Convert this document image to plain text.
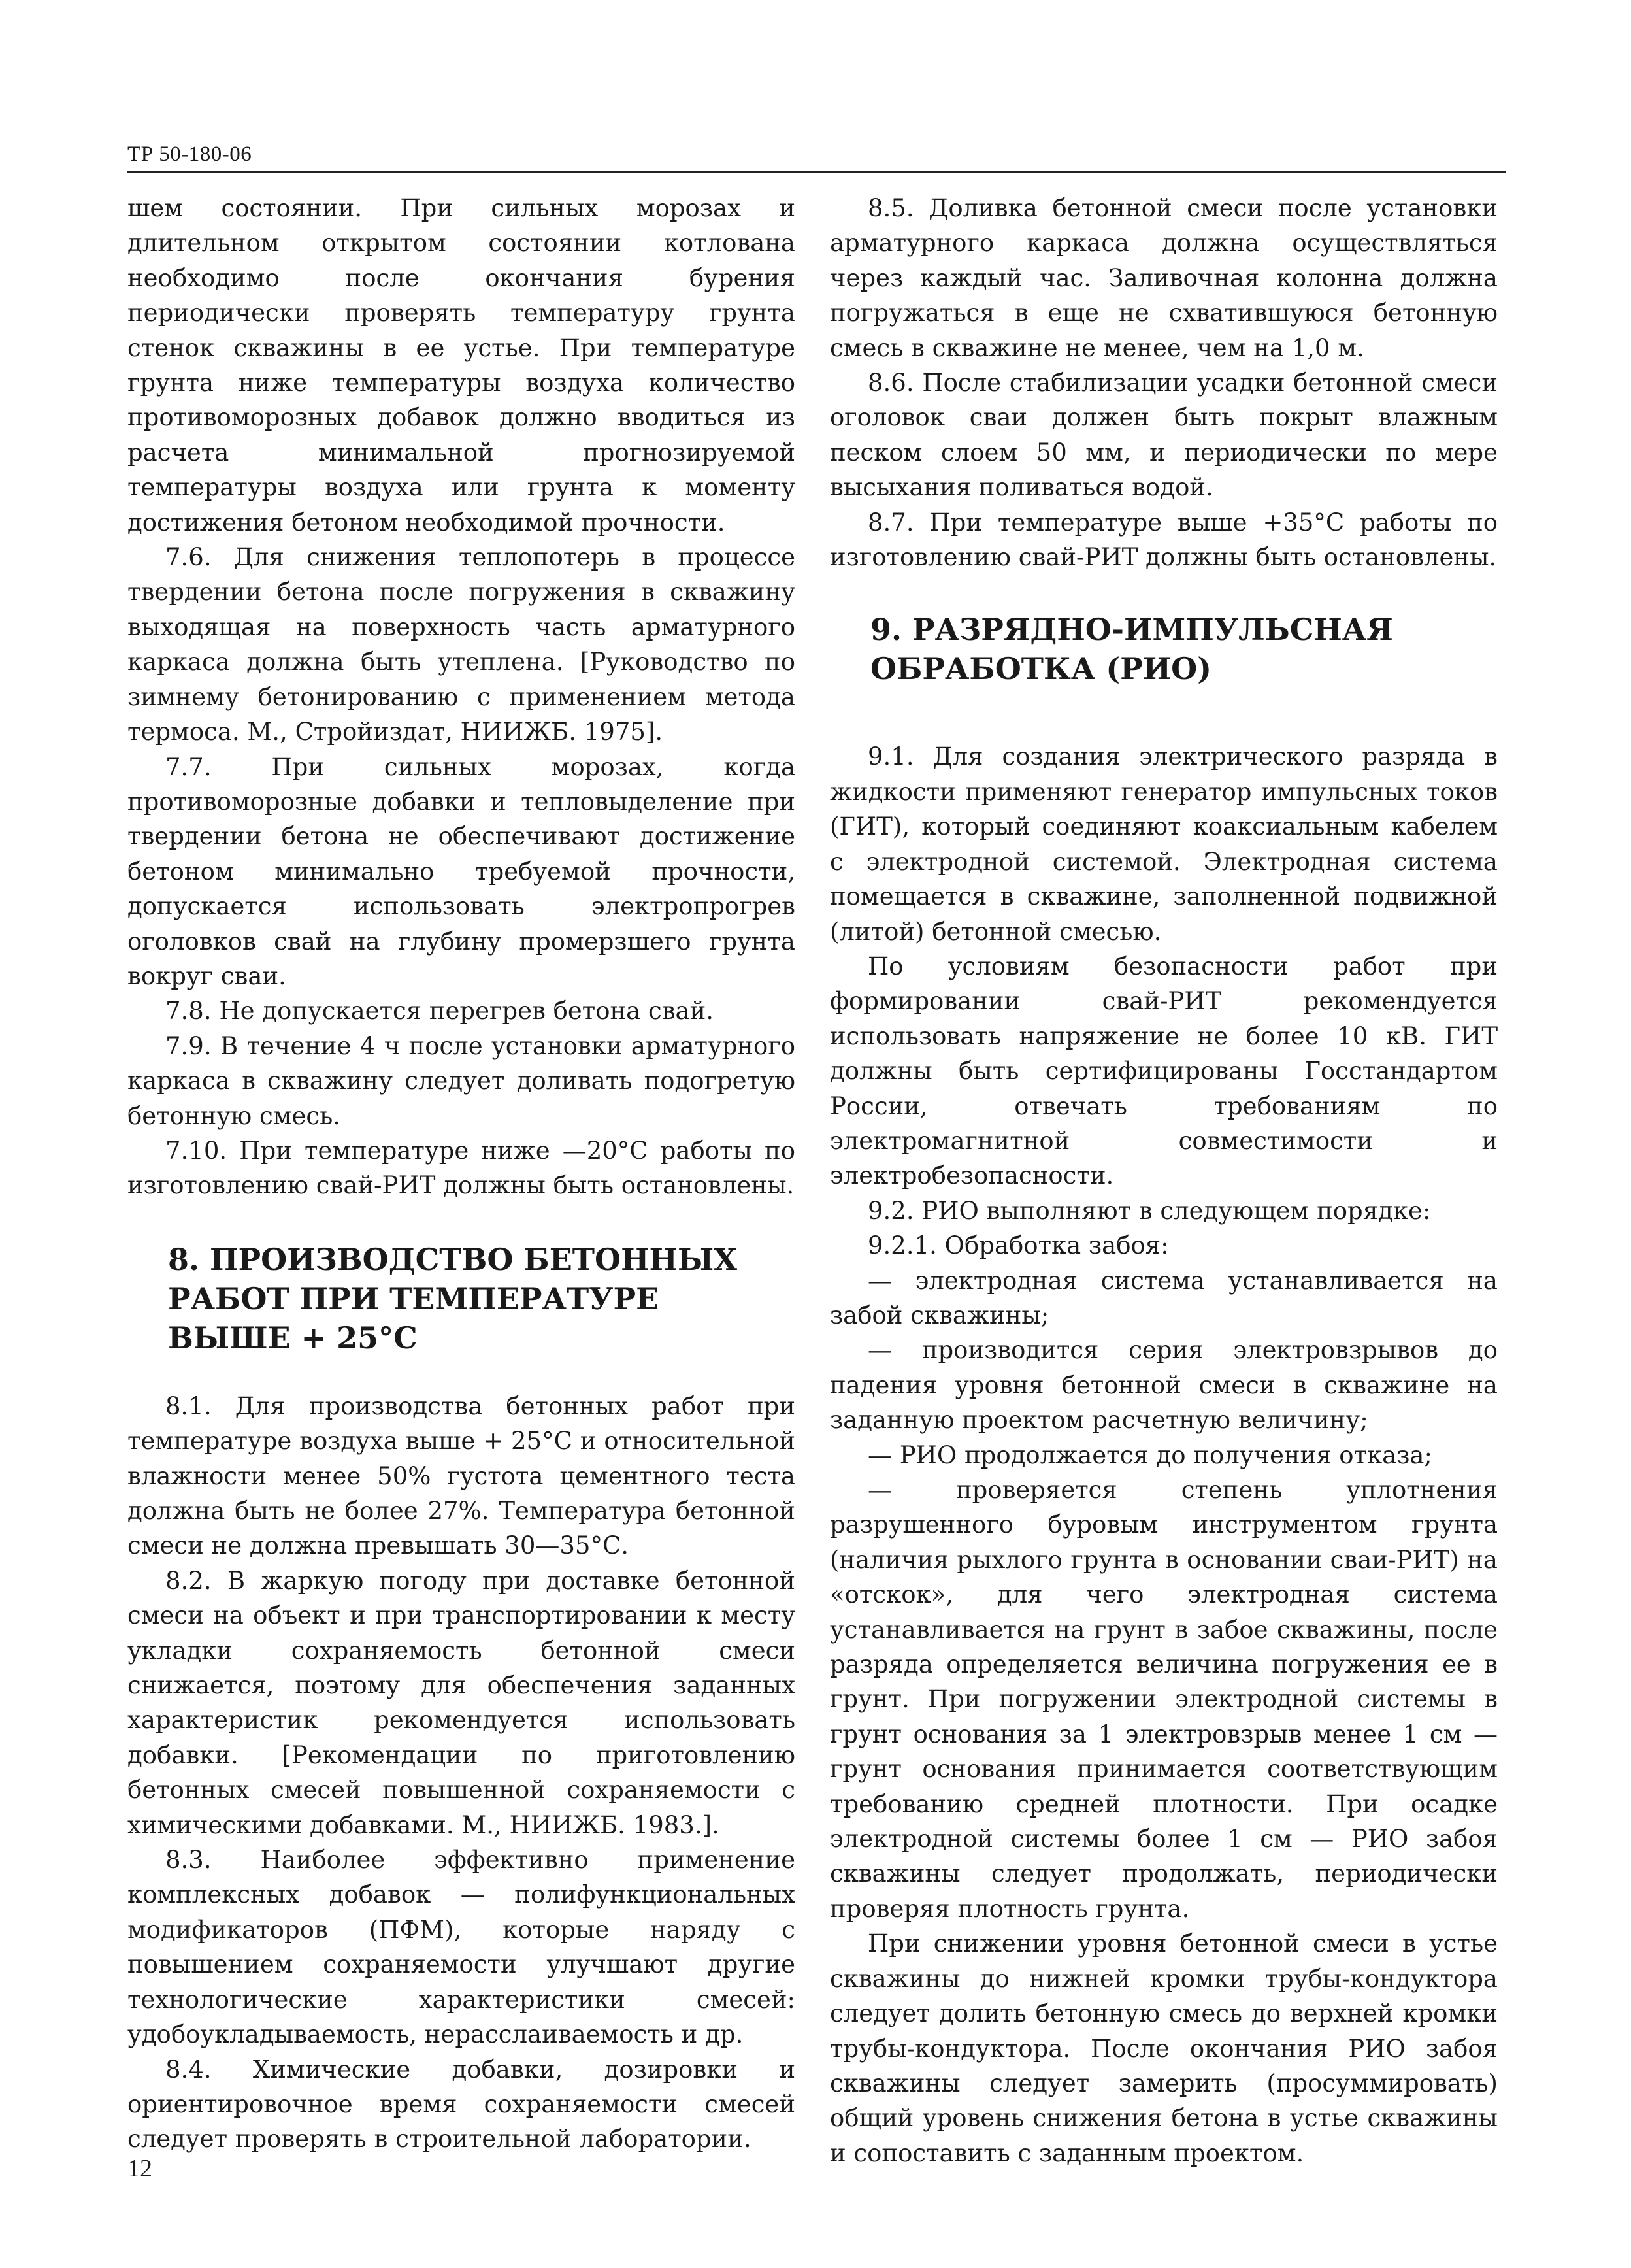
ТР 50-180-06

шем состоянии. При сильных морозах и длительном открытом состоянии котлована необходимо после окончания бурения периодически проверять температуру грунта стенок скважины в ее устье. При температуре грунта ниже температуры воздуха количество противоморозных добавок должно вводиться из расчета минимальной прогнозируемой температуры воздуха или грунта к моменту достижения бетоном необходимой прочности.

7.6. Для снижения теплопотерь в процессе твердении бетона после погружения в скважину выходящая на поверхность часть арматурного каркаса должна быть утеплена. [Руководство по зимнему бетонированию с применением метода термоса. М., Стройиздат, НИИЖБ. 1975].

7.7. При сильных морозах, когда противоморозные добавки и тепловыделение при твердении бетона не обеспечивают достижение бетоном минимально требуемой прочности, допускается использовать электропрогрев оголовков свай на глубину промерзшего грунта вокруг сваи.

7.8. Не допускается перегрев бетона свай.

7.9. В течение 4 ч после установки арматурного каркаса в скважину следует доливать подогретую бетонную смесь.

7.10. При температуре ниже —20°С работы по изготовлению свай-РИТ должны быть остановлены.

8. ПРОИЗВОДСТВО БЕТОННЫХ
РАБОТ ПРИ ТЕМПЕРАТУРЕ
ВЫШЕ + 25°С

8.1. Для производства бетонных работ при температуре воздуха выше + 25°С и относительной влажности менее 50% густота цементного теста должна быть не более 27%. Температура бетонной смеси не должна превышать 30—35°С.

8.2. В жаркую погоду при доставке бетонной смеси на объект и при транспортировании к месту укладки сохраняемость бетонной смеси снижается, поэтому для обеспечения заданных характеристик рекомендуется использовать добавки. [Рекомендации по приготовлению бетонных смесей повышенной сохраняемости с химическими добавками. М., НИИЖБ. 1983.].

8.3. Наиболее эффективно применение комплексных добавок — полифункциональных модификаторов (ПФМ), которые наряду с повышением сохраняемости улучшают другие технологические характеристики смесей: удобоукладываемость, нерасслаиваемость и др.

8.4. Химические добавки, дозировки и ориентировочное время сохраняемости смесей следует проверять в строительной лаборатории.

8.5. Доливка бетонной смеси после установки арматурного каркаса должна осуществляться через каждый час. Заливочная колонна должна погружаться в еще не схватившуюся бетонную смесь в скважине не менее, чем на 1,0 м.

8.6. После стабилизации усадки бетонной смеси оголовок сваи должен быть покрыт влажным песком слоем 50 мм, и периодически по мере высыхания поливаться водой.

8.7. При температуре выше +35°С работы по изготовлению свай-РИТ должны быть остановлены.

9. РАЗРЯДНО-ИМПУЛЬСНАЯ
ОБРАБОТКА (РИО)

9.1. Для создания электрического разряда в жидкости применяют генератор импульсных токов (ГИТ), который соединяют коаксиальным кабелем с электродной системой. Электродная система помещается в скважине, заполненной подвижной (литой) бетонной смесью.

По условиям безопасности работ при формировании свай-РИТ рекомендуется использовать напряжение не более 10 кВ. ГИТ должны быть сертифицированы Госстандартом России, отвечать требованиям по электромагнитной совместимости и электробезопасности.

9.2. РИО выполняют в следующем порядке:

9.2.1. Обработка забоя:

— электродная система устанавливается на забой скважины;

— производится серия электровзрывов до падения уровня бетонной смеси в скважине на заданную проектом расчетную величину;

— РИО продолжается до получения отказа;

— проверяется степень уплотнения разрушенного буровым инструментом грунта (наличия рыхлого грунта в основании сваи-РИТ) на «отскок», для чего электродная система устанавливается на грунт в забое скважины, после разряда определяется величина погружения ее в грунт. При погружении электродной системы в грунт основания за 1 электровзрыв менее 1 см — грунт основания принимается соответствующим требованию средней плотности. При осадке электродной системы более 1 см — РИО забоя скважины следует продолжать, периодически проверяя плотность грунта.

При снижении уровня бетонной смеси в устье скважины до нижней кромки трубы-кондуктора следует долить бетонную смесь до верхней кромки трубы-кондуктора. После окончания РИО забоя скважины следует замерить (просуммировать) общий уровень снижения бетона в устье скважины и сопоставить с заданным проектом.

12
